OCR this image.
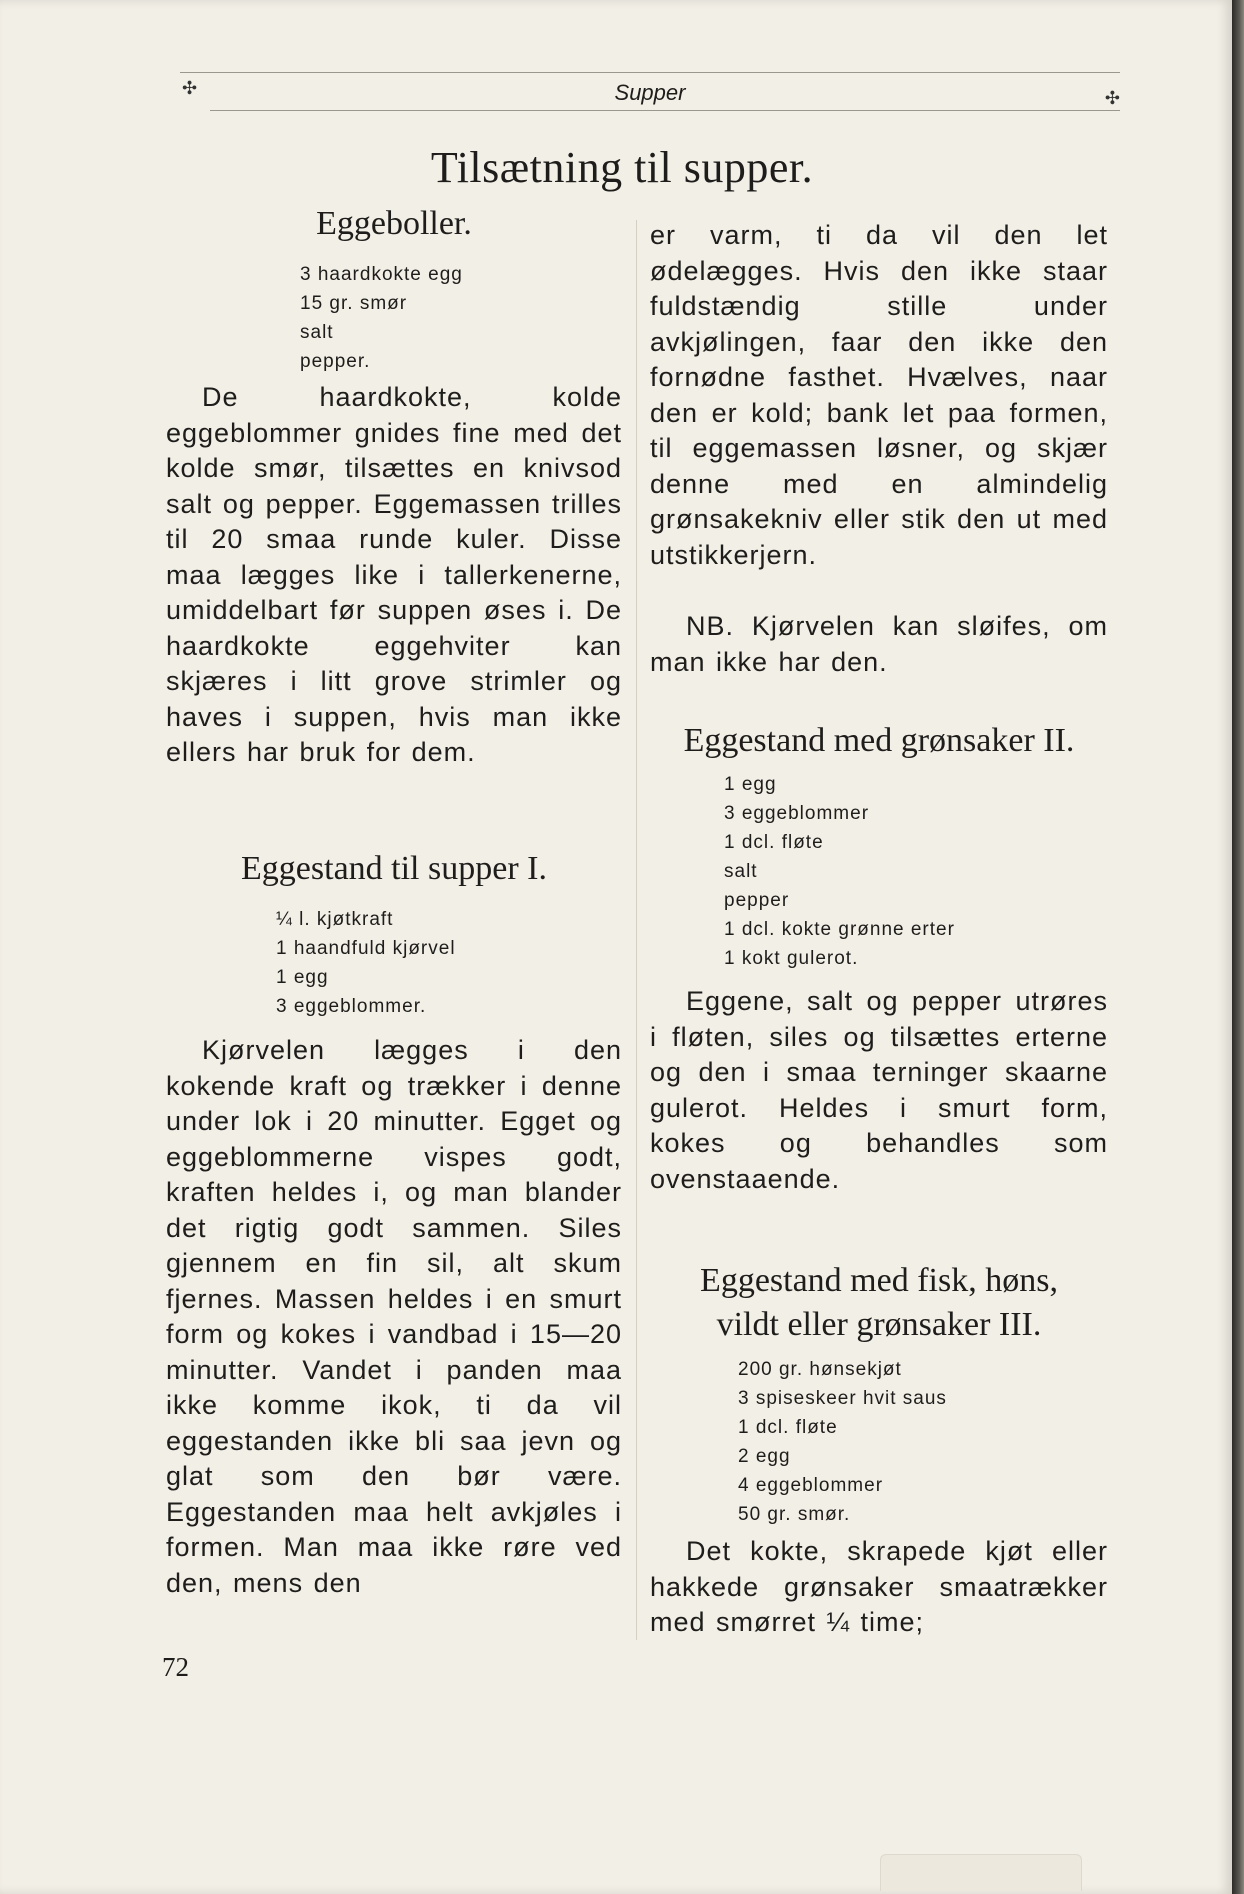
✣	Supper	✣
Tilsætning til supper.
Eggeboller.
3 haardkokte egg
15 gr. smør
salt
pepper.

De haardkokte, kolde eggeblommer gnides fine med det kolde smør, tilsættes en knivsod salt og pepper. Eggemassen trilles til 20 smaa runde kuler. Disse maa lægges like i tallerkenerne, umiddelbart før suppen øses i. De haardkokte eggehviter kan skjæres i litt grove strimler og haves i suppen, hvis man ikke ellers har bruk for dem.

Eggestand til supper I.
¼ l. kjøtkraft
1 haandfuld kjørvel
1 egg
3 eggeblommer.

Kjørvelen lægges i den kokende kraft og trækker i denne under lok i 20 minutter. Egget og eggeblommerne vispes godt, kraften heldes i, og man blander det rigtig godt sammen. Siles gjennem en fin sil, alt skum fjernes. Massen heldes i en smurt form og kokes i vandbad i 15—20 minutter. Vandet i panden maa ikke komme ikok, ti da vil eggestanden ikke bli saa jevn og glat som den bør være. Eggestanden maa helt avkjøles i formen. Man maa ikke røre ved den, mens den

er varm, ti da vil den let ødelægges. Hvis den ikke staar fuldstændig stille under avkjølingen, faar den ikke den fornødne fasthet. Hvælves, naar den er kold; bank let paa formen, til eggemassen løsner, og skjær denne med en almindelig grønsakekniv eller stik den ut med utstikkerjern.

NB. Kjørvelen kan sløifes, om man ikke har den.

Eggestand med grønsaker II.
1 egg
3 eggeblommer
1 dcl. fløte
salt
pepper
1 dcl. kokte grønne erter
1 kokt gulerot.

Eggene, salt og pepper utrøres i fløten, siles og tilsættes erterne og den i smaa terninger skaarne gulerot. Heldes i smurt form, kokes og behandles som ovenstaaende.

Eggestand med fisk, høns,
vildt eller grønsaker III.
200 gr. hønsekjøt
3 spiseskeer hvit saus
1 dcl. fløte
2 egg
4 eggeblommer
50 gr. smør.

Det kokte, skrapede kjøt eller hakkede grønsaker smaatrækker med smørret ¼ time;

72
